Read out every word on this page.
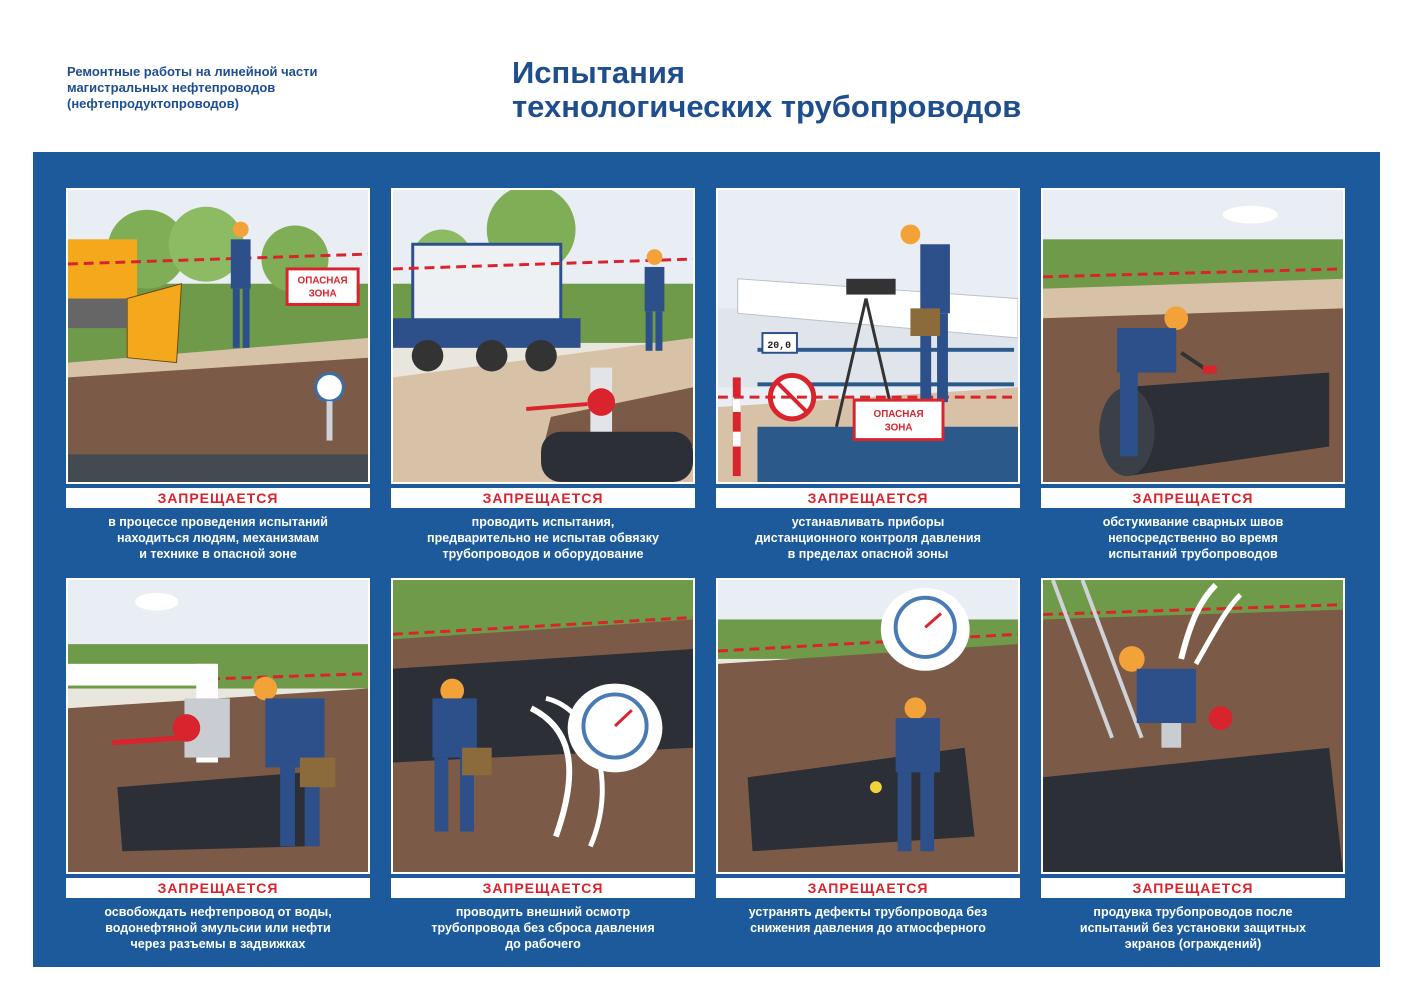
Ремонтные работы на линейной части
магистральных нефтепроводов
(нефтепродуктопроводов)
Испытания
технологических трубопроводов
ОПАСНАЯ
ЗОНА
20,0
ОПАСНАЯ
ЗОНА
ЗАПРЕЩАЕТСЯ	ЗАПРЕЩАЕТСЯ	ЗАПРЕЩАЕТСЯ	ЗАПРЕЩАЕТСЯ
в процессе проведения испытаний
находиться людям, механизмам
и технике в опасной зоне
проводить испытания,
предварительно не испытав обвязку
трубопроводов и оборудование
устанавливать приборы
дистанционного контроля давления
в пределах опасной зоны
обстукивание сварных швов
непосредственно во время
испытаний трубопроводов
ЗАПРЕЩАЕТСЯ	ЗАПРЕЩАЕТСЯ	ЗАПРЕЩАЕТСЯ	ЗАПРЕЩАЕТСЯ
освобождать нефтепровод от воды,
водонефтяной эмульсии или нефти
через разъемы в задвижках
проводить внешний осмотр
трубопровода без сброса давления
до рабочего
устранять дефекты трубопровода без
снижения давления до атмосферного
продувка трубопроводов после
испытаний без установки защитных
экранов (ограждений)
